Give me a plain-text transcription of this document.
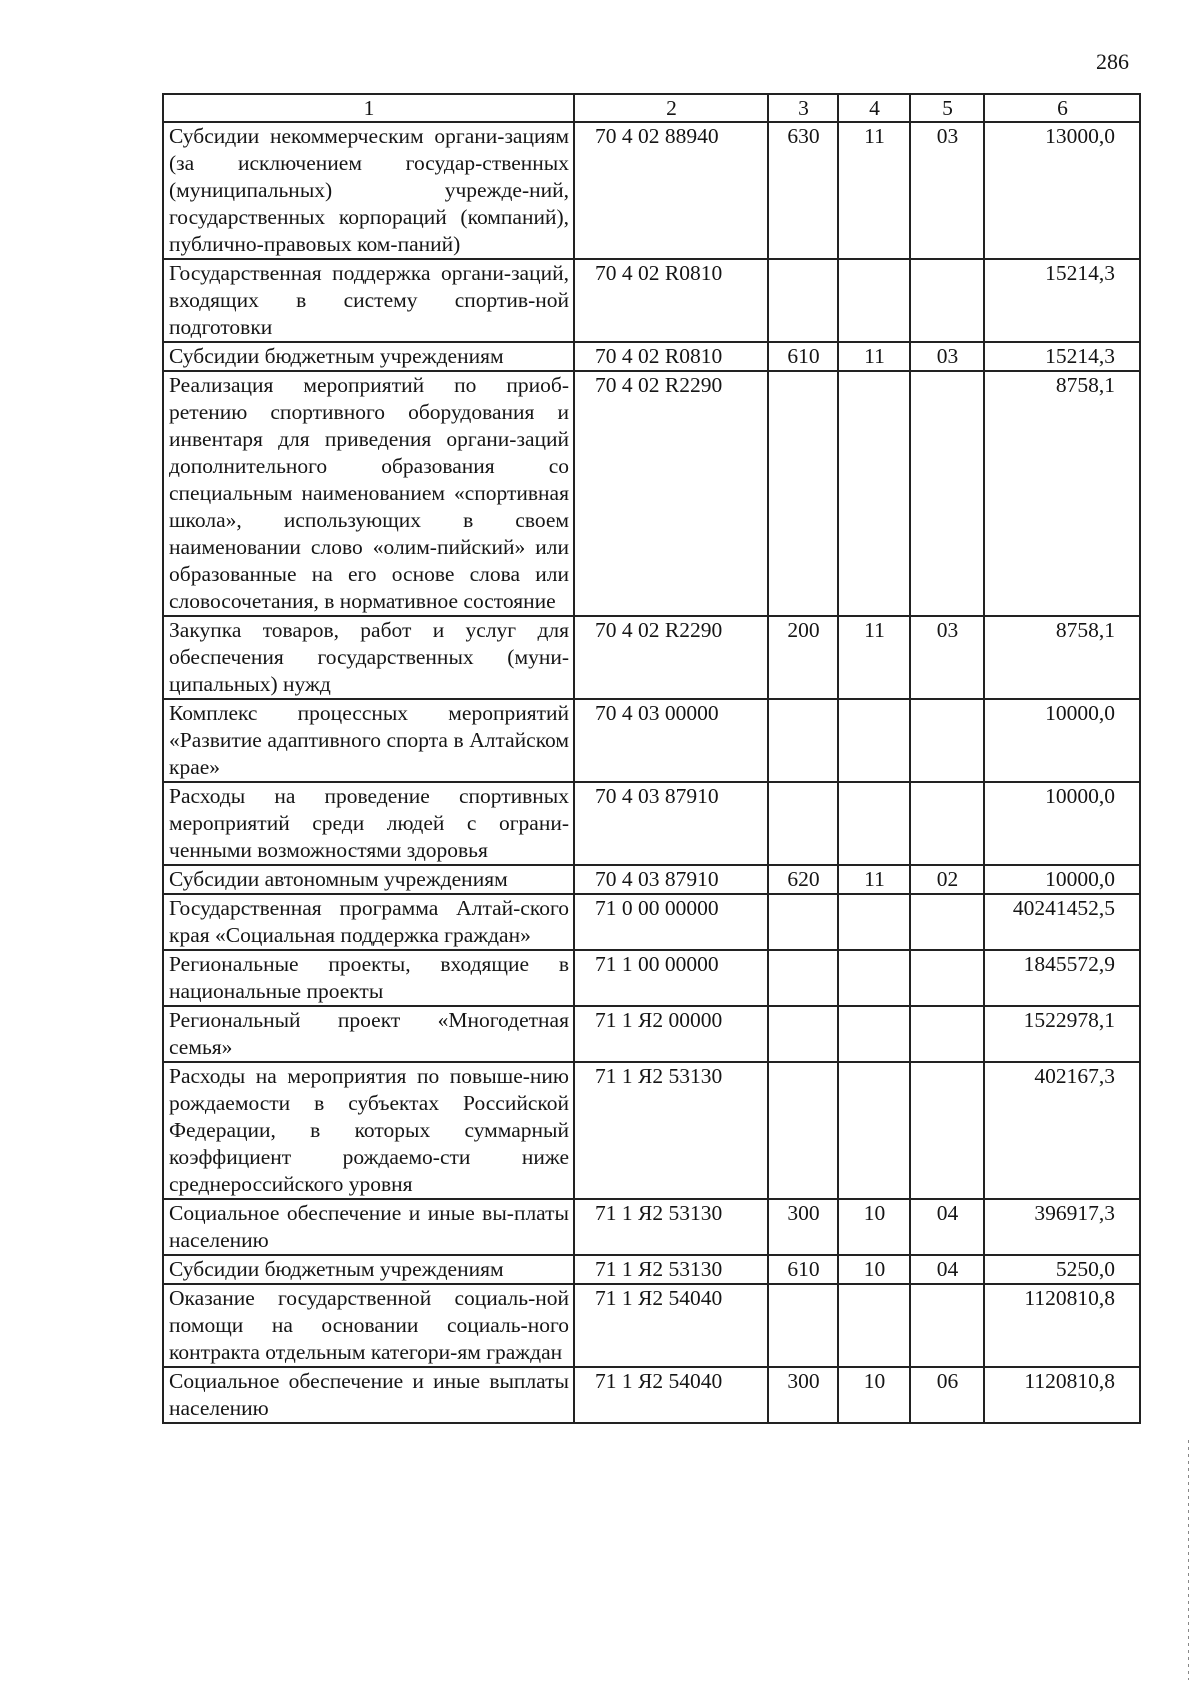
286
1	2	3	4	5	6
Субсидии некоммерческим органи-зациям (за исключением государ-ственных (муниципальных) учрежде-ний, государственных корпораций (компаний), публично-правовых ком-паний)	70 4 02 88940	630	11	03	13000,0
Государственная поддержка органи-заций, входящих в систему спортив-ной подготовки	70 4 02 R0810				15214,3
Субсидии бюджетным учреждениям	70 4 02 R0810	610	11	03	15214,3
Реализация мероприятий по приоб-ретению спортивного оборудования и инвентаря для приведения органи-заций дополнительного образования со специальным наименованием «спортивная школа», использующих в своем наименовании слово «олим-пийский» или образованные на его основе слова или словосочетания, в нормативное состояние	70 4 02 R2290				8758,1
Закупка товаров, работ и услуг для обеспечения государственных (муни-ципальных) нужд	70 4 02 R2290	200	11	03	8758,1
Комплекс процессных мероприятий «Развитие адаптивного спорта в Алтайском крае»	70 4 03 00000				10000,0
Расходы на проведение спортивных мероприятий среди людей с ограни-ченными возможностями здоровья	70 4 03 87910				10000,0
Субсидии автономным учреждениям	70 4 03 87910	620	11	02	10000,0
Государственная программа Алтай-ского края «Социальная поддержка граждан»	71 0 00 00000				40241452,5
Региональные проекты, входящие в национальные проекты	71 1 00 00000				1845572,9
Региональный проект «Многодетная семья»	71 1 Я2 00000				1522978,1
Расходы на мероприятия по повыше-нию рождаемости в субъектах Российской Федерации, в которых суммарный коэффициент рождаемо-сти ниже среднероссийского уровня	71 1 Я2 53130				402167,3
Социальное обеспечение и иные вы-платы населению	71 1 Я2 53130	300	10	04	396917,3
Субсидии бюджетным учреждениям	71 1 Я2 53130	610	10	04	5250,0
Оказание государственной социаль-ной помощи на основании социаль-ного контракта отдельным категори-ям граждан	71 1 Я2 54040				1120810,8
Социальное обеспечение и иные выплаты населению	71 1 Я2 54040	300	10	06	1120810,8
